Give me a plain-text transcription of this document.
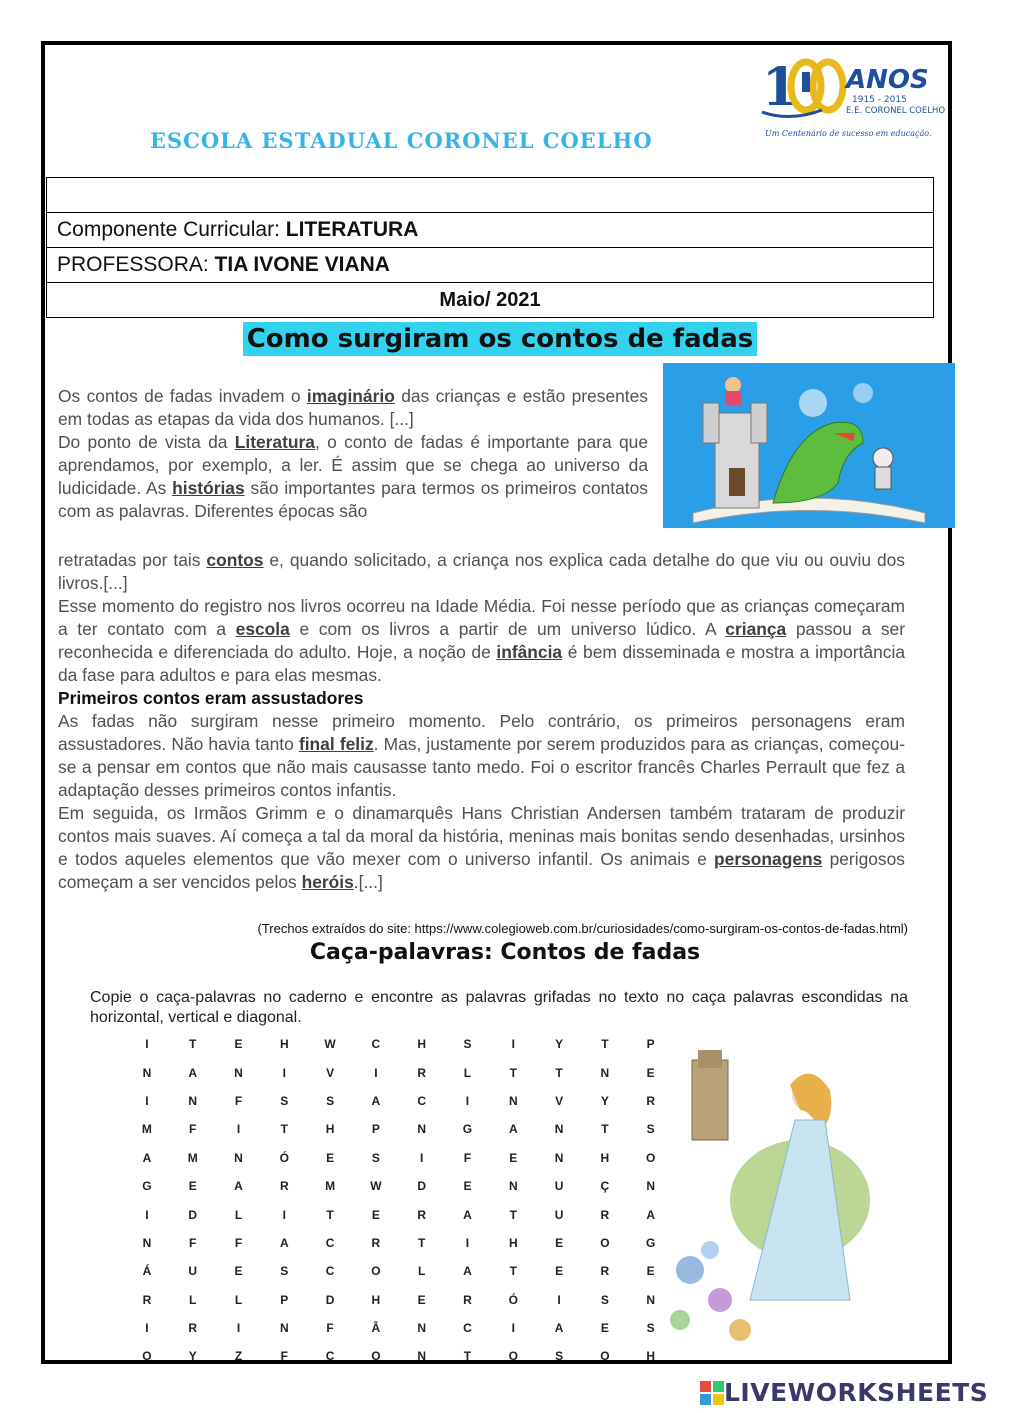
ESCOLA ESTADUAL CORONEL COELHO
1 ANOS
1915 - 2015
E.E. CORONEL COELHO
Um Centenário de sucesso em educação.

Componente Curricular: LITERATURA
PROFESSORA: TIA IVONE VIANA
Maio/ 2021
Como surgiram os contos de fadas

Os contos de fadas invadem o imaginário das crianças e estão presentes em todas as etapas da vida dos humanos. [...]

Do ponto de vista da Literatura, o conto de fadas é importante para que aprendamos, por exemplo, a ler. É assim que se chega ao universo da ludicidade. As histórias são importantes para termos os primeiros contatos com as palavras. Diferentes épocas são

retratadas por tais contos e, quando solicitado, a criança nos explica cada detalhe do que viu ou ouviu dos livros.[...]

Esse momento do registro nos livros ocorreu na Idade Média. Foi nesse período que as crianças começaram a ter contato com a escola e com os livros a partir de um universo lúdico. A criança passou a ser reconhecida e diferenciada do adulto. Hoje, a noção de infância é bem disseminada e mostra a importância da fase para adultos e para elas mesmas.

Primeiros contos eram assustadores

As fadas não surgiram nesse primeiro momento. Pelo contrário, os primeiros personagens eram assustadores. Não havia tanto final feliz. Mas, justamente por serem produzidos para as crianças, começou-se a pensar em contos que não mais causasse tanto medo. Foi o escritor francês Charles Perrault que fez a adaptação desses primeiros contos infantis.

Em seguida, os Irmãos Grimm e o dinamarquês Hans Christian Andersen também trataram de produzir contos mais suaves. Aí começa a tal da moral da história, meninas mais bonitas sendo desenhadas, ursinhos e todos aqueles elementos que vão mexer com o universo infantil. Os animais e personagens perigosos começam a ser vencidos pelos heróis.[...]

(Trechos extraídos do site: https://www.colegioweb.com.br/curiosidades/como-surgiram-os-contos-de-fadas.html)
Caça-palavras: Contos de fadas
Copie o caça-palavras no caderno e encontre as palavras grifadas no texto no caça palavras escondidas na horizontal, vertical e diagonal.
I	T	E	H	W	C	H	S	I	Y	T	P
N	A	N	I	V	I	R	L	T	T	N	E
I	N	F	S	S	A	C	I	N	V	Y	R
M	F	I	T	H	P	N	G	A	N	T	S
A	M	N	Ó	E	S	I	F	E	N	H	O
G	E	A	R	M	W	D	E	N	U	Ç	N
I	D	L	I	T	E	R	A	T	U	R	A
N	F	F	A	C	R	T	I	H	E	O	G
Á	U	E	S	C	O	L	A	T	E	R	E
R	L	L	P	D	H	E	R	Ó	I	S	N
I	R	I	N	F	Â	N	C	I	A	E	S
O	Y	Z	F	C	O	N	T	O	S	O	H
LIVEWORKSHEETS
